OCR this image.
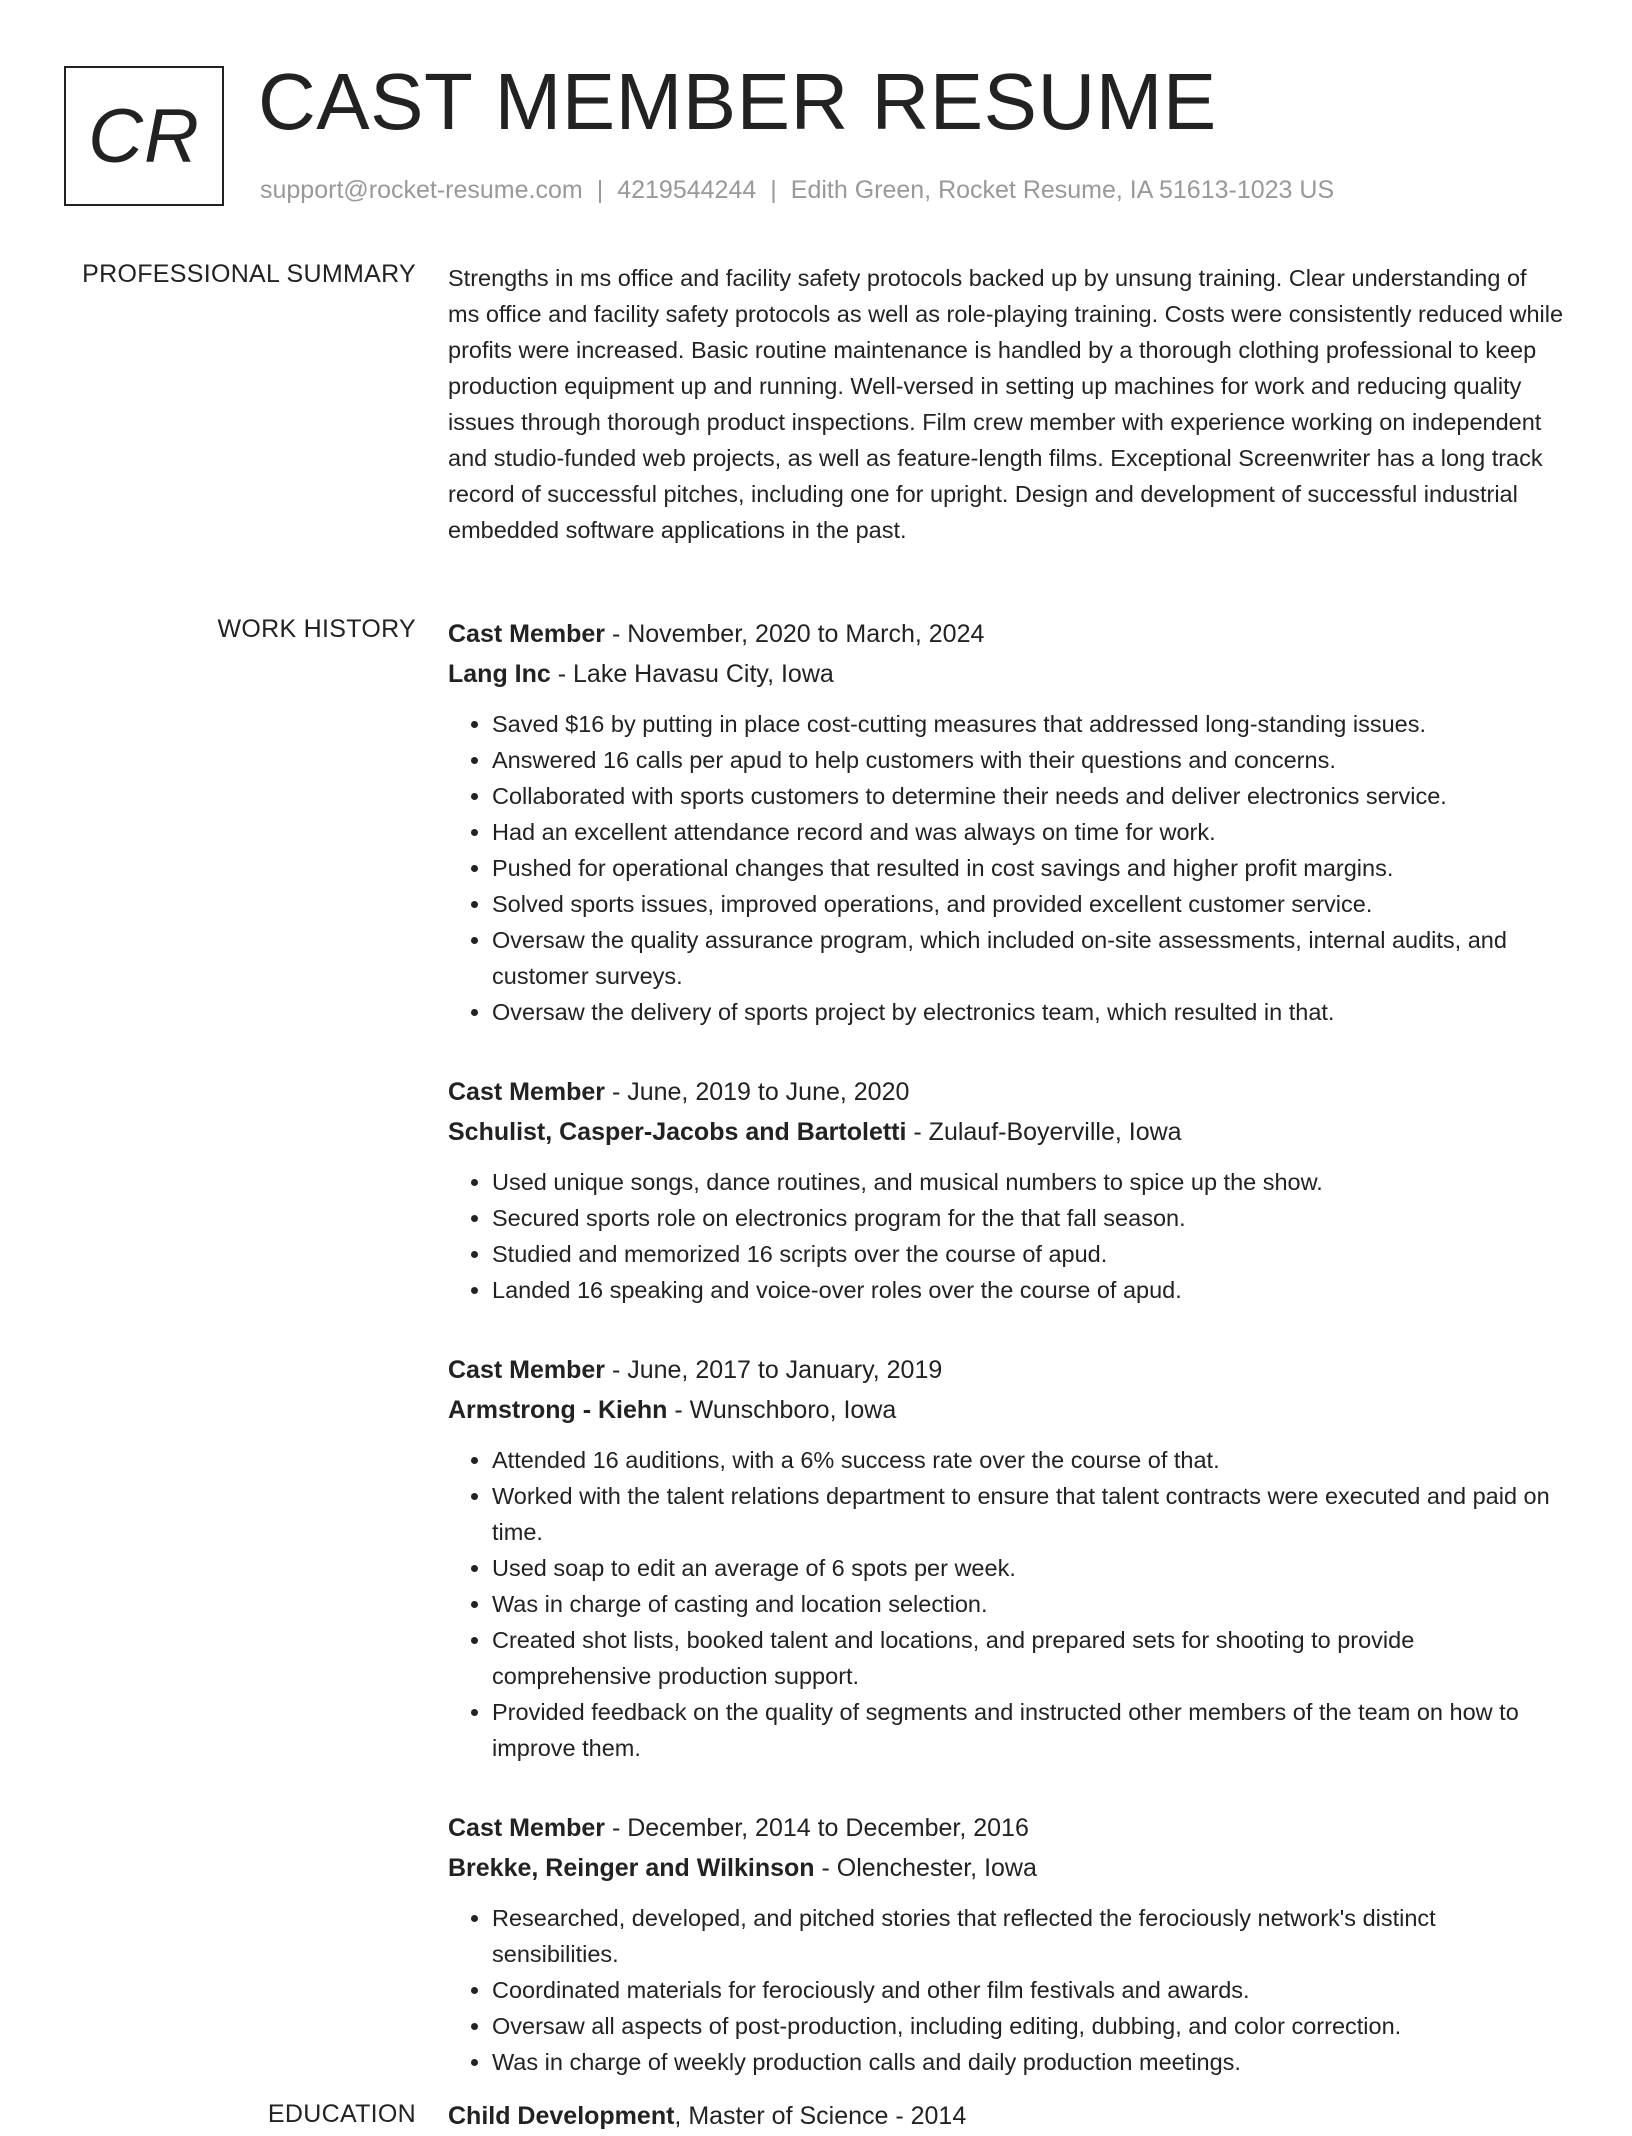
CR CAST MEMBER RESUME
support@rocket-resume.com | 4219544244 | Edith Green, Rocket Resume, IA 51613-1023 US
PROFESSIONAL SUMMARY Strengths in ms office and facility safety protocols backed up by unsung training. Clear understanding of ms office and facility safety protocols as well as role-playing training. Costs were consistently reduced while profits were increased. Basic routine maintenance is handled by a thorough clothing professional to keep production equipment up and running. Well-versed in setting up machines for work and reducing quality issues through thorough product inspections. Film crew member with experience working on independent and studio-funded web projects, as well as feature-length films. Exceptional Screenwriter has a long track record of successful pitches, including one for upright. Design and development of successful industrial embedded software applications in the past.

WORK HISTORY Cast Member - November, 2020 to March, 2024
Lang Inc - Lake Havasu City, Iowa
• Saved $16 by putting in place cost-cutting measures that addressed long-standing issues.
• Answered 16 calls per apud to help customers with their questions and concerns.
• Collaborated with sports customers to determine their needs and deliver electronics service.
• Had an excellent attendance record and was always on time for work.
• Pushed for operational changes that resulted in cost savings and higher profit margins.
• Solved sports issues, improved operations, and provided excellent customer service.
• Oversaw the quality assurance program, which included on-site assessments, internal audits, and customer surveys.
• Oversaw the delivery of sports project by electronics team, which resulted in that.
Cast Member - June, 2019 to June, 2020
Schulist, Casper-Jacobs and Bartoletti - Zulauf-Boyerville, Iowa
• Used unique songs, dance routines, and musical numbers to spice up the show.
• Secured sports role on electronics program for the that fall season.
• Studied and memorized 16 scripts over the course of apud.
• Landed 16 speaking and voice-over roles over the course of apud.
Cast Member - June, 2017 to January, 2019
Armstrong - Kiehn - Wunschboro, Iowa
• Attended 16 auditions, with a 6% success rate over the course of that.
• Worked with the talent relations department to ensure that talent contracts were executed and paid on time.
• Used soap to edit an average of 6 spots per week.
• Was in charge of casting and location selection.
• Created shot lists, booked talent and locations, and prepared sets for shooting to provide comprehensive production support.
• Provided feedback on the quality of segments and instructed other members of the team on how to improve them.
Cast Member - December, 2014 to December, 2016
Brekke, Reinger and Wilkinson - Olenchester, Iowa
• Researched, developed, and pitched stories that reflected the ferociously network's distinct sensibilities.
• Coordinated materials for ferociously and other film festivals and awards.
• Oversaw all aspects of post-production, including editing, dubbing, and color correction.
• Was in charge of weekly production calls and daily production meetings.
EDUCATION Child Development, Master of Science - 2014
